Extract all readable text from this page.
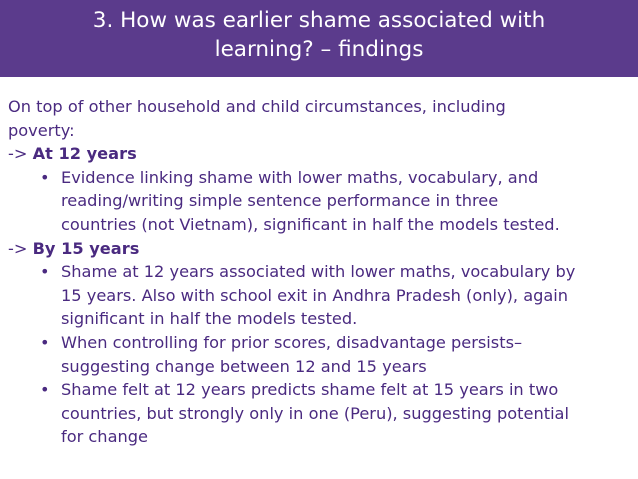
3. How was earlier shame associated with
learning? – findings
On top of other household and child circumstances, including
poverty:
-> At 12 years
• Evidence linking shame with lower maths, vocabulary, and
reading/writing simple sentence performance in three
countries (not Vietnam), significant in half the models tested.
-> By 15 years
• Shame at 12 years associated with lower maths, vocabulary by
15 years. Also with school exit in Andhra Pradesh (only), again
significant in half the models tested.
• When controlling for prior scores, disadvantage persists–
suggesting change between 12 and 15 years
• Shame felt at 12 years predicts shame felt at 15 years in two
countries, but strongly only in one (Peru), suggesting potential
for change
